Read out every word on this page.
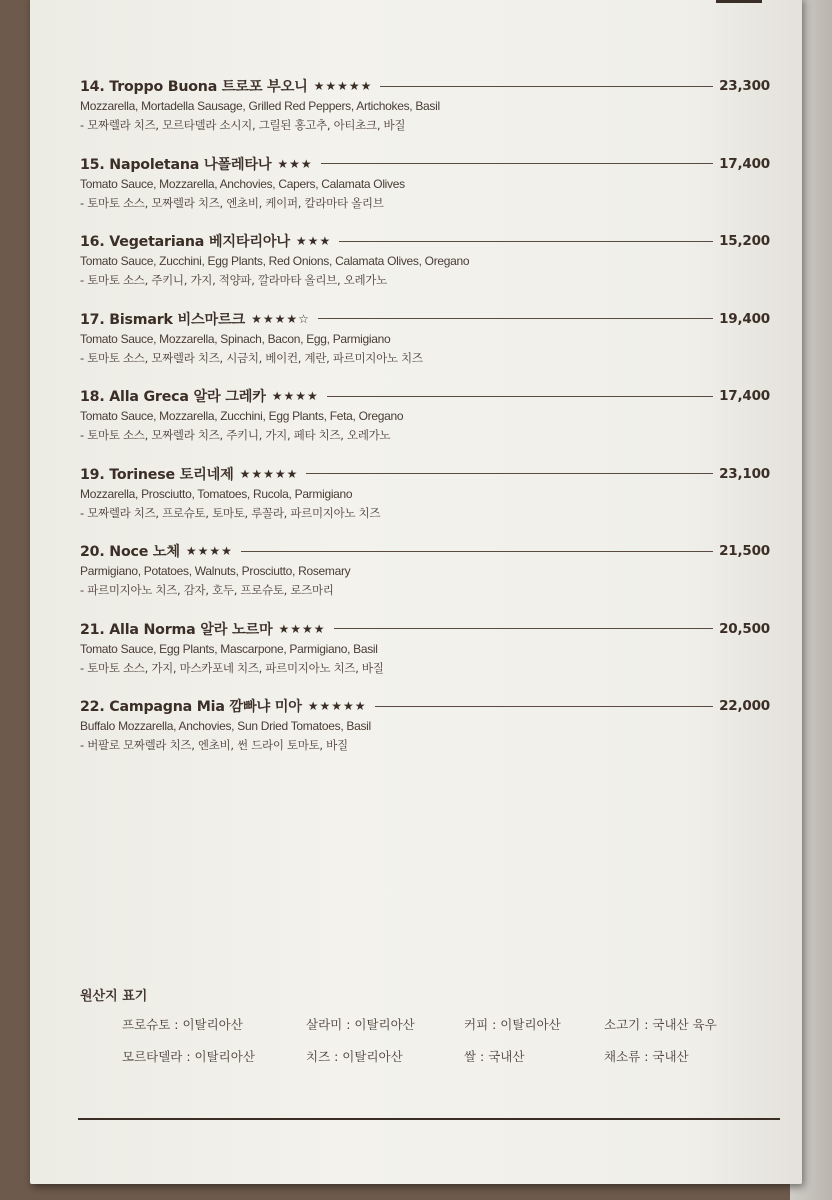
14. Troppo Buona 트로포 부오니 ★★★★★	23,300
Mozzarella, Mortadella Sausage, Grilled Red Peppers, Artichokes, Basil
- 모짜렐라 치즈, 모르타델라 소시지, 그릴된 홍고추, 아티초크, 바질
15. Napoletana 나폴레타나 ★★★	17,400
Tomato Sauce, Mozzarella, Anchovies, Capers, Calamata Olives
- 토마토 소스, 모짜렐라 치즈, 엔초비, 케이퍼, 칼라마타 올리브
16. Vegetariana 베지타리아나 ★★★	15,200
Tomato Sauce, Zucchini, Egg Plants, Red Onions, Calamata Olives, Oregano
- 토마토 소스, 주키니, 가지, 적양파, 깔라마타 올리브, 오레가노
17. Bismark 비스마르크 ★★★★☆	19,400
Tomato Sauce, Mozzarella, Spinach, Bacon, Egg, Parmigiano
- 토마토 소스, 모짜렐라 치즈, 시금치, 베이컨, 계란, 파르미지아노 치즈
18. Alla Greca 알라 그레카 ★★★★	17,400
Tomato Sauce, Mozzarella, Zucchini, Egg Plants, Feta, Oregano
- 토마토 소스, 모짜렐라 치즈, 주키니, 가지, 페타 치즈, 오레가노
19. Torinese 토리네제 ★★★★★	23,100
Mozzarella, Prosciutto, Tomatoes, Rucola, Parmigiano
- 모짜렐라 치즈, 프로슈토, 토마토, 루꼴라, 파르미지아노 치즈
20. Noce 노체 ★★★★	21,500
Parmigiano, Potatoes, Walnuts, Prosciutto, Rosemary
- 파르미지아노 치즈, 감자, 호두, 프로슈토, 로즈마리
21. Alla Norma 알라 노르마 ★★★★	20,500
Tomato Sauce, Egg Plants, Mascarpone, Parmigiano, Basil
- 토마토 소스, 가지, 마스카포네 치즈, 파르미지아노 치즈, 바질
22. Campagna Mia 깜빠냐 미아 ★★★★★	22,000
Buffalo Mozzarella, Anchovies, Sun Dried Tomatoes, Basil
- 버팔로 모짜렐라 치즈, 엔초비, 썬 드라이 토마토, 바질
원산지 표기
프로슈토 : 이탈리아산	살라미 : 이탈리아산	커피 : 이탈리아산	소고기 : 국내산 육우
모르타델라 : 이탈리아산	치즈 : 이탈리아산	쌀 : 국내산	채소류 : 국내산
